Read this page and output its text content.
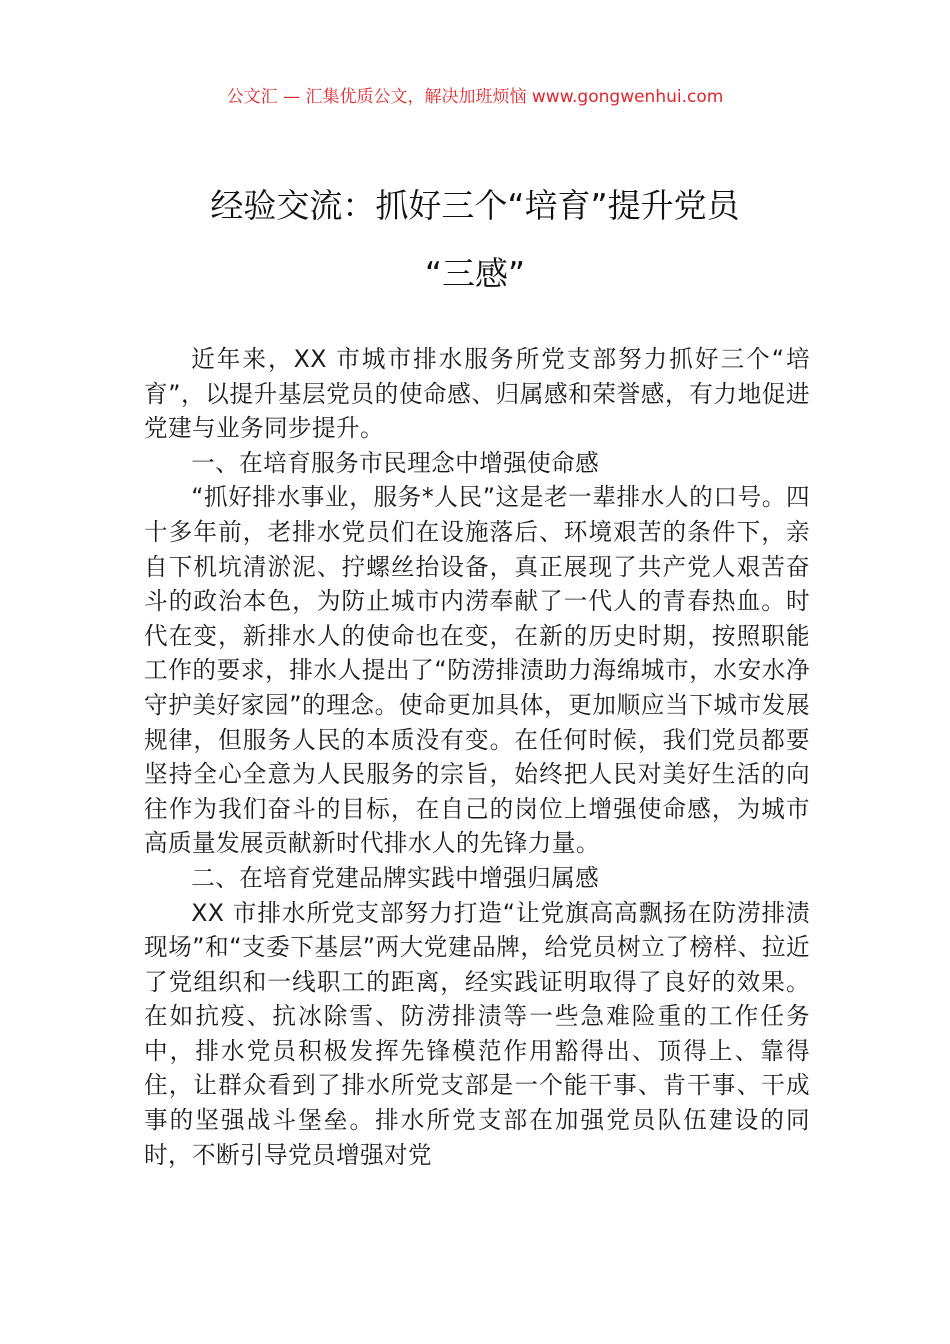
公文汇 — 汇集优质公文，解决加班烦恼 www.gongwenhui.com
经验交流：抓好三个“培育”提升党员
“三感”

近年来，XX 市城市排水服务所党支部努力抓好三个“培育”，以提升基层党员的使命感、归属感和荣誉感，有力地促进党建与业务同步提升。

一、在培育服务市民理念中增强使命感

“抓好排水事业，服务*人民”这是老一辈排水人的口号。四十多年前，老排水党员们在设施落后、环境艰苦的条件下，亲自下机坑清淤泥、拧螺丝抬设备，真正展现了共产党人艰苦奋斗的政治本色，为防止城市内涝奉献了一代人的青春热血。时代在变，新排水人的使命也在变，在新的历史时期，按照职能工作的要求，排水人提出了“防涝排渍助力海绵城市，水安水净守护美好家园”的理念。使命更加具体，更加顺应当下城市发展规律，但服务人民的本质没有变。在任何时候，我们党员都要坚持全心全意为人民服务的宗旨，始终把人民对美好生活的向往作为我们奋斗的目标，在自己的岗位上增强使命感，为城市高质量发展贡献新时代排水人的先锋力量。

二、在培育党建品牌实践中增强归属感

XX 市排水所党支部努力打造“让党旗高高飘扬在防涝排渍现场”和“支委下基层”两大党建品牌，给党员树立了榜样、拉近了党组织和一线职工的距离，经实践证明取得了良好的效果。在如抗疫、抗冰除雪、防涝排渍等一些急难险重的工作任务中，排水党员积极发挥先锋模范作用豁得出、顶得上、靠得住，让群众看到了排水所党支部是一个能干事、肯干事、干成事的坚强战斗堡垒。排水所党支部在加强党员队伍建设的同时，不断引导党员增强对党
